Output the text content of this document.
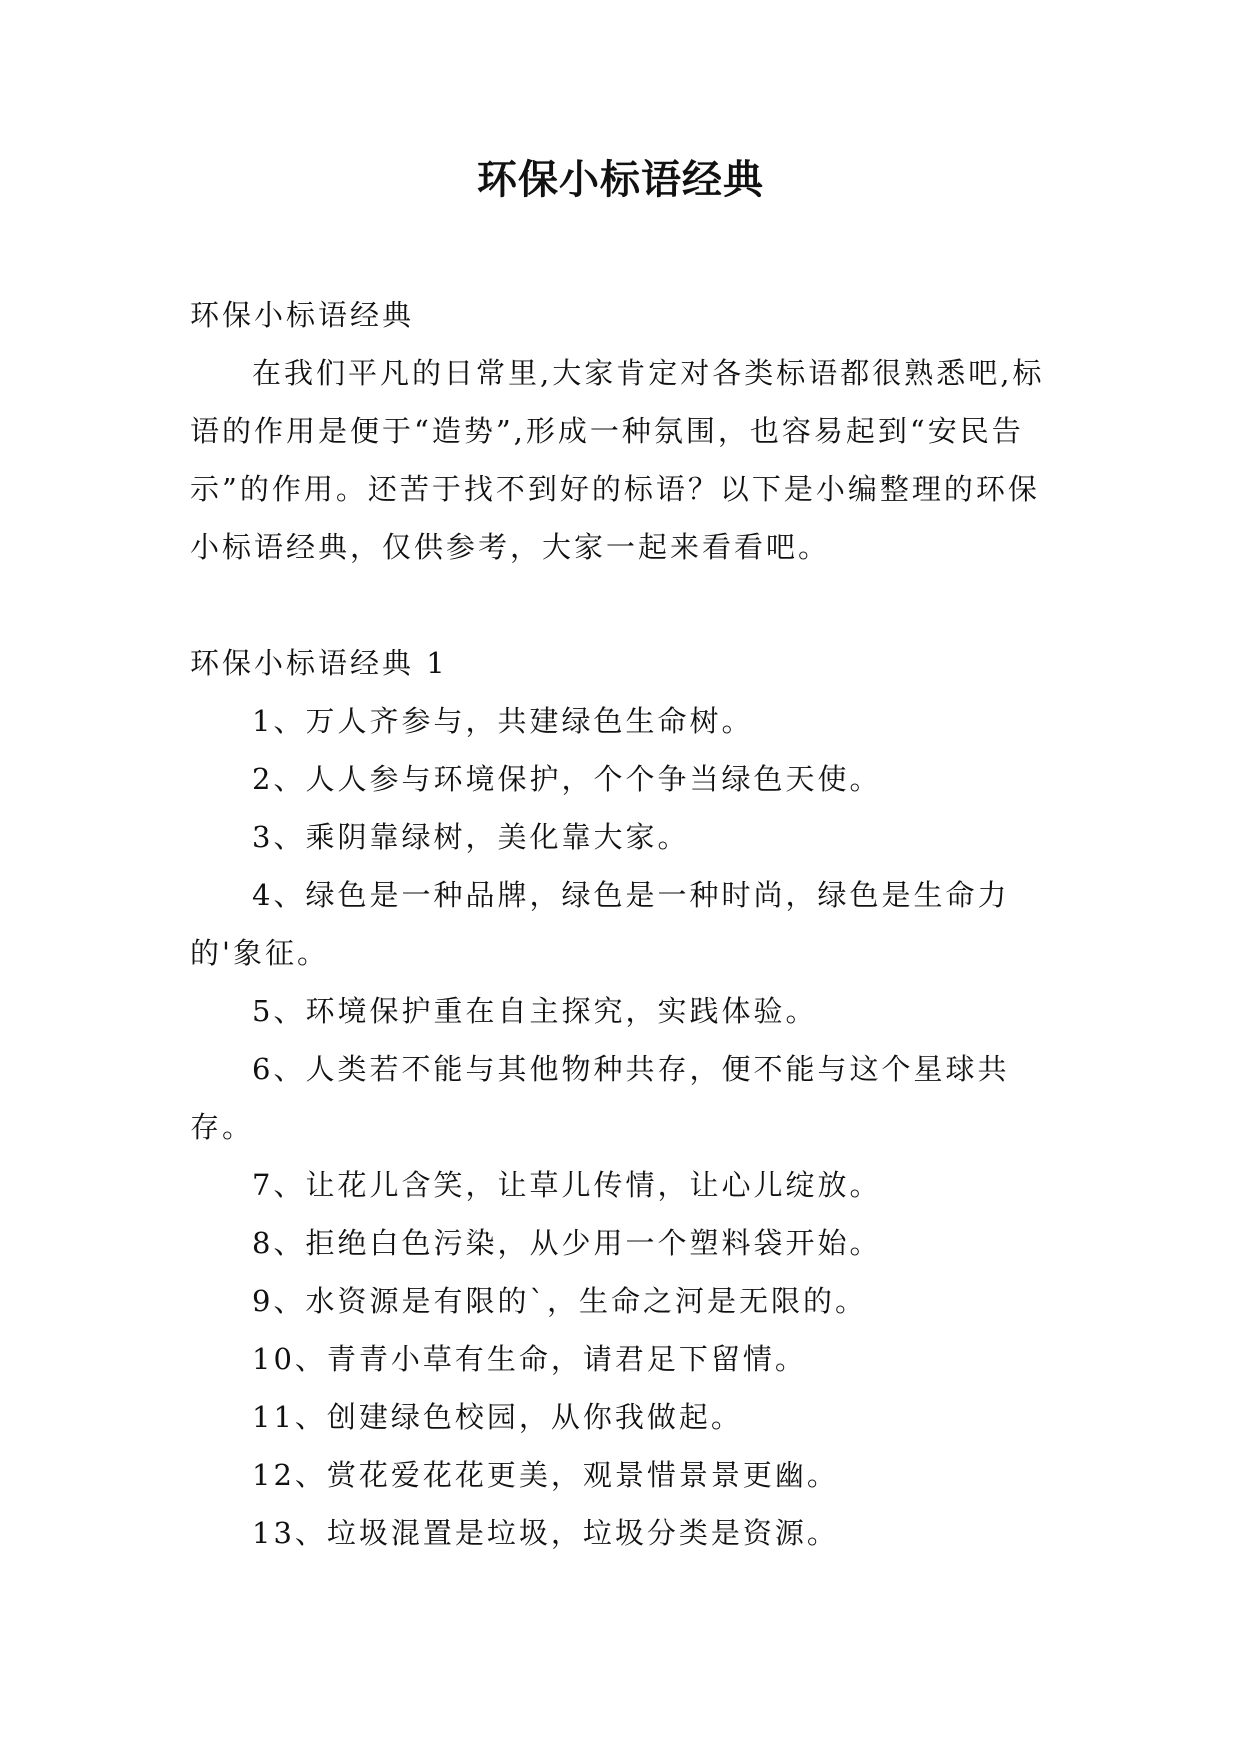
环保小标语经典

环保小标语经典

在我们平凡的日常里,大家肯定对各类标语都很熟悉吧,标语的作用是便于“造势”,形成一种氛围，也容易起到“安民告示”的作用。还苦于找不到好的标语？以下是小编整理的环保小标语经典，仅供参考，大家一起来看看吧。

环保小标语经典 1

1、万人齐参与，共建绿色生命树。

2、人人参与环境保护，个个争当绿色天使。

3、乘阴靠绿树，美化靠大家。

4、绿色是一种品牌，绿色是一种时尚，绿色是生命力的'象征。

5、环境保护重在自主探究，实践体验。

6、人类若不能与其他物种共存，便不能与这个星球共存。

7、让花儿含笑，让草儿传情，让心儿绽放。

8、拒绝白色污染，从少用一个塑料袋开始。

9、水资源是有限的`，生命之河是无限的。

10、青青小草有生命，请君足下留情。

11、创建绿色校园，从你我做起。

12、赏花爱花花更美，观景惜景景更幽。

13、垃圾混置是垃圾，垃圾分类是资源。
